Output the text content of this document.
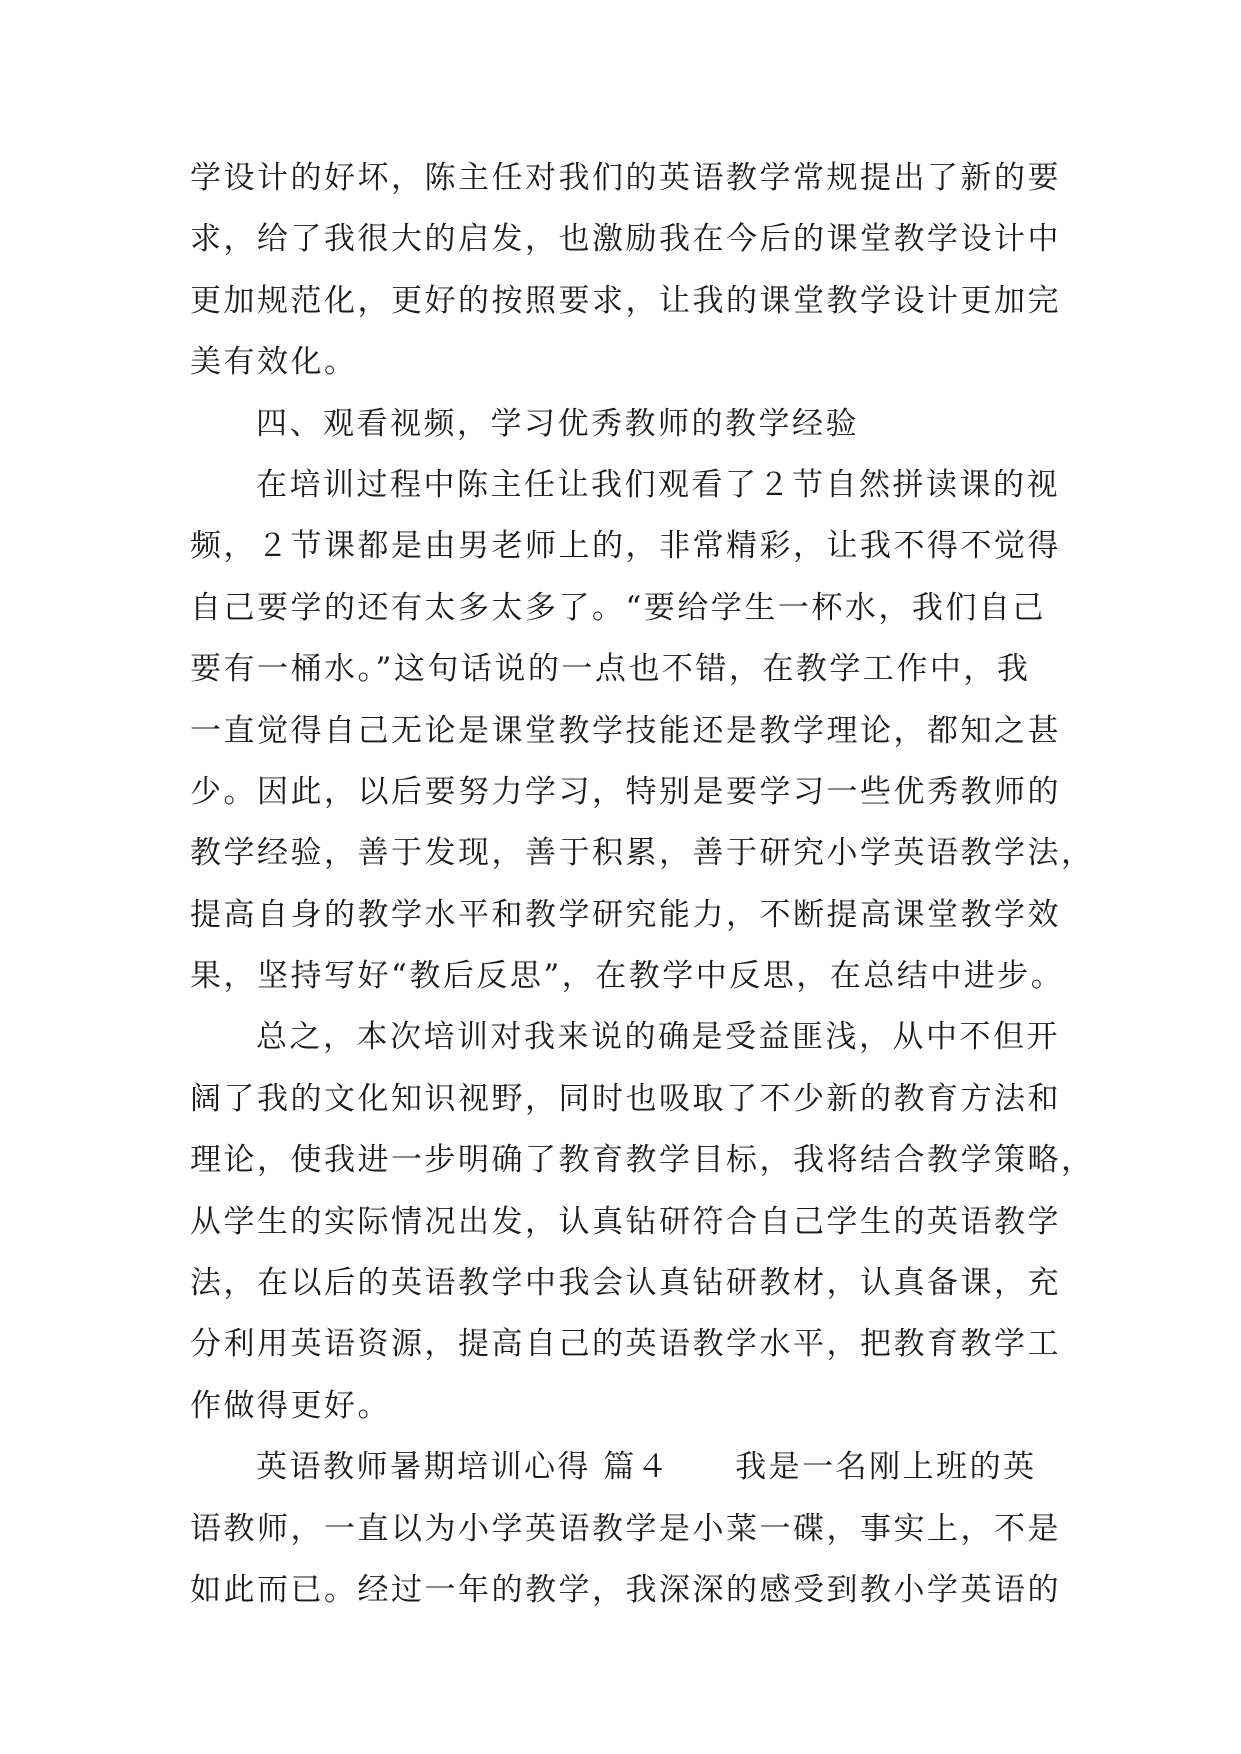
学设计的好坏，陈主任对我们的英语教学常规提出了新的要
求，给了我很大的启发，也激励我在今后的课堂教学设计中
更加规范化，更好的按照要求，让我的课堂教学设计更加完
美有效化。
四、观看视频，学习优秀教师的教学经验
在培训过程中陈主任让我们观看了２节自然拼读课的视
频，２节课都是由男老师上的，非常精彩，让我不得不觉得
自己要学的还有太多太多了。“要给学生一杯水，我们自己
要有一桶水。”这句话说的一点也不错，在教学工作中，我
一直觉得自己无论是课堂教学技能还是教学理论，都知之甚
少。因此，以后要努力学习，特别是要学习一些优秀教师的
教学经验，善于发现，善于积累，善于研究小学英语教学法，
提高自身的教学水平和教学研究能力，不断提高课堂教学效
果，坚持写好“教后反思”，在教学中反思，在总结中进步。
总之，本次培训对我来说的确是受益匪浅，从中不但开
阔了我的文化知识视野，同时也吸取了不少新的教育方法和
理论，使我进一步明确了教育教学目标，我将结合教学策略，
从学生的实际情况出发，认真钻研符合自己学生的英语教学
法，在以后的英语教学中我会认真钻研教材，认真备课，充
分利用英语资源，提高自己的英语教学水平，把教育教学工
作做得更好。
英语教师暑期培训心得 篇４ 我是一名刚上班的英
语教师，一直以为小学英语教学是小菜一碟，事实上，不是
如此而已。经过一年的教学，我深深的感受到教小学英语的
